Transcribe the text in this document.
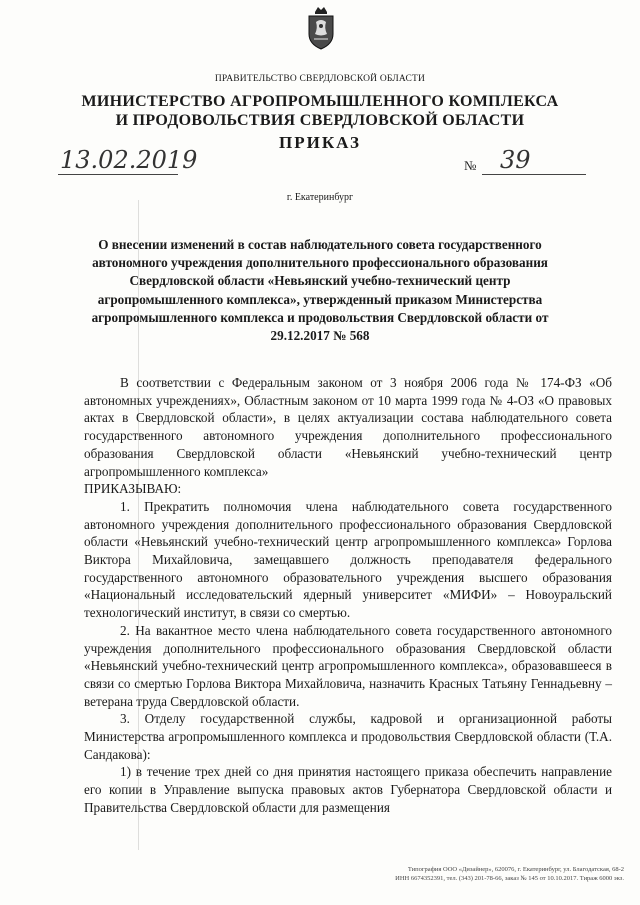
ПРАВИТЕЛЬСТВО СВЕРДЛОВСКОЙ ОБЛАСТИ
МИНИСТЕРСТВО АГРОПРОМЫШЛЕННОГО КОМПЛЕКСА
И ПРОДОВОЛЬСТВИЯ СВЕРДЛОВСКОЙ ОБЛАСТИ
ПРИКАЗ
13.02.2019	№ 39
г. Екатеринбург
О внесении изменений в состав наблюдательного совета государственного автономного учреждения дополнительного профессионального образования Свердловской области «Невьянский учебно-технический центр агропромышленного комплекса», утвержденный приказом Министерства агропромышленного комплекса и продовольствия Свердловской области от 29.12.2017 № 568

В соответствии с Федеральным законом от 3 ноября 2006 года № 174-ФЗ «Об автономных учреждениях», Областным законом от 10 марта 1999 года № 4-ОЗ «О правовых актах в Свердловской области», в целях актуализации состава наблюдательного совета государственного автономного учреждения дополнительного профессионального образования Свердловской области «Невьянский учебно-технический центр агропромышленного комплекса»

ПРИКАЗЫВАЮ:

1. Прекратить полномочия члена наблюдательного совета государственного автономного учреждения дополнительного профессионального образования Свердловской области «Невьянский учебно-технический центр агропромышленного комплекса» Горлова Виктора Михайловича, замещавшего должность преподавателя федерального государственного автономного образовательного учреждения высшего образования «Национальный исследовательский ядерный университет «МИФИ» – Новоуральский технологический институт, в связи со смертью.

2. На вакантное место члена наблюдательного совета государственного автономного учреждения дополнительного профессионального образования Свердловской области «Невьянский учебно-технический центр агропромышленного комплекса», образовавшееся в связи со смертью Горлова Виктора Михайловича, назначить Красных Татьяну Геннадьевну – ветерана труда Свердловской области.

3. Отделу государственной службы, кадровой и организационной работы Министерства агропромышленного комплекса и продовольствия Свердловской области (Т.А. Сандакова):

1) в течение трех дней со дня принятия настоящего приказа обеспечить направление его копии в Управление выпуска правовых актов Губернатора Свердловской области и Правительства Свердловской области для размещения

Типография ООО «Дизайнер», 620076, г. Екатеринбург, ул. Благодатская, 68-2
ИНН 6674352391, тел. (343) 201-78-66, заказ № 145 от 10.10.2017. Тираж 6000 экз.
